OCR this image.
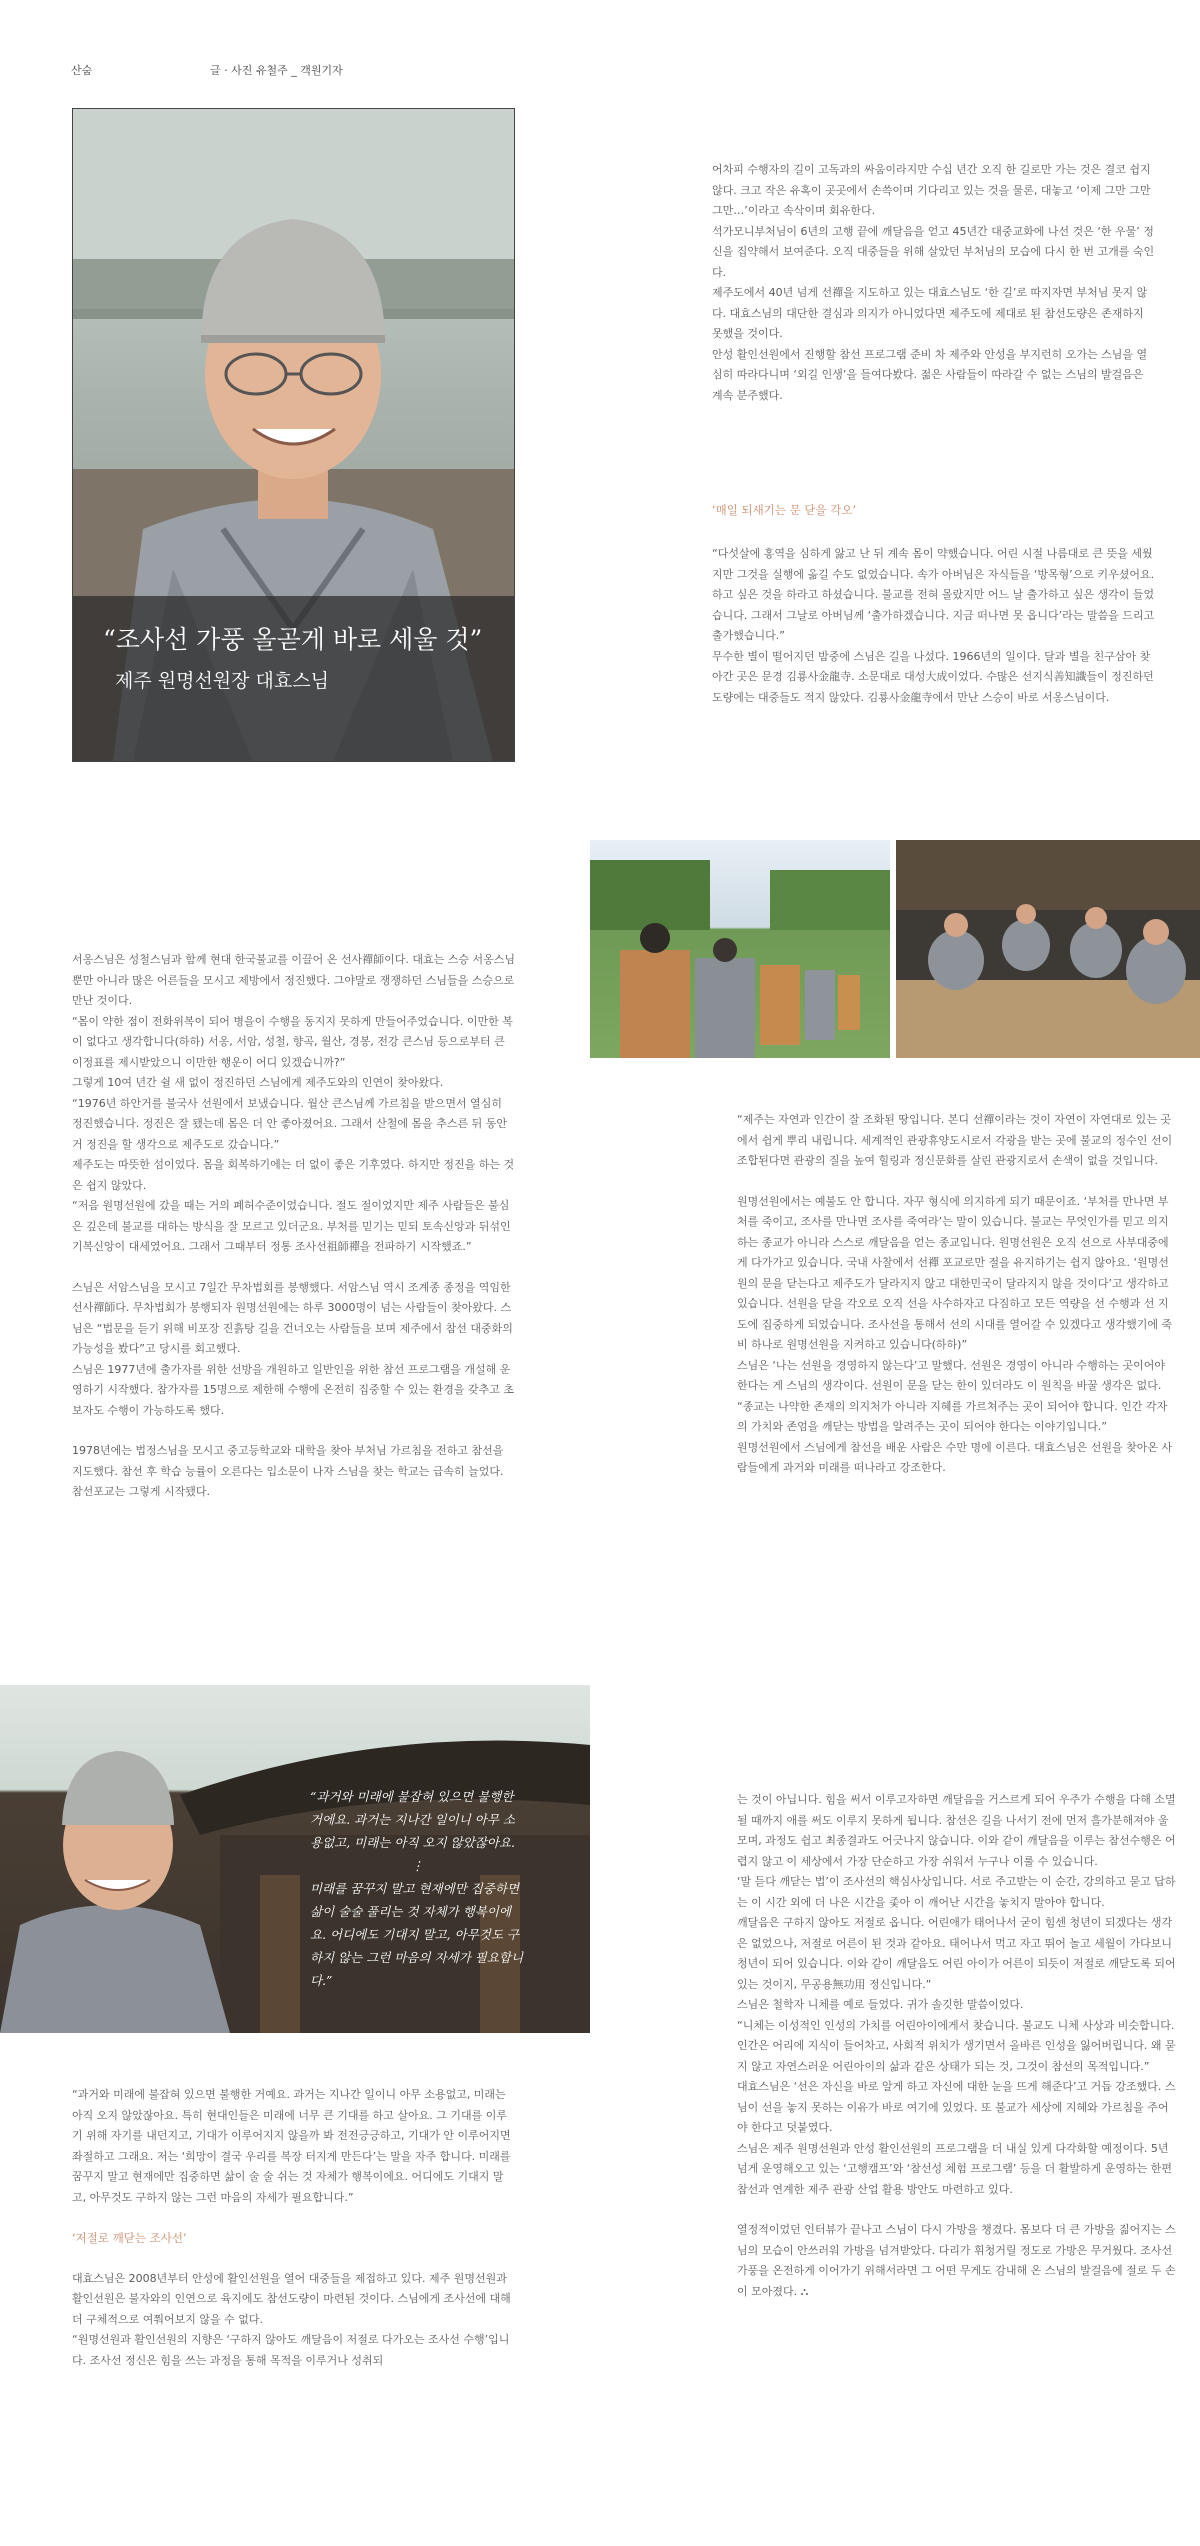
산숨	글 · 사진 유철주 _ 객원기자
“조사선 가풍 올곧게 바로 세울 것”
제주 원명선원장 대효스님

어차피 수행자의 길이 고독과의 싸움이라지만 수십 년간 오직 한 길로만 가는 것은 결코 쉽지 않다. 크고 작은 유혹이 곳곳에서 손쓱이며 기다리고 있는 것을 물론, 대놓고 ‘이제 그만 그만 그만…’이라고 속삭이며 회유한다.

석가모니부처님이 6년의 고행 끝에 깨달음을 얻고 45년간 대중교화에 나선 것은 ‘한 우물’ 정신을 집약해서 보여준다. 오직 대중들을 위해 살았던 부처님의 모습에 다시 한 번 고개를 숙인다.

제주도에서 40년 넘게 선禪을 지도하고 있는 대효스님도 ‘한 길’로 따지자면 부처님 못지 않다. 대효스님의 대단한 결심과 의지가 아니었다면 제주도에 제대로 된 참선도량은 존재하지 못했을 것이다.

안성 활인선원에서 진행할 참선 프로그램 준비 차 제주와 안성을 부지런히 오가는 스님을 열심히 따라다니며 ‘외길 인생’을 들여다봤다. 젊은 사람들이 따라갈 수 없는 스님의 발걸음은 계속 분주했다.

‘매일 되새기는 문 닫을 각오’

“다섯살에 홍역을 심하게 앓고 난 뒤 계속 몸이 약했습니다. 어린 시절 나름대로 큰 뜻을 세웠지만 그것을 실행에 옮길 수도 없었습니다. 속가 아버님은 자식들을 ‘방목형’으로 키우셨어요. 하고 싶은 것을 하라고 하셨습니다. 불교를 전혀 몰랐지만 어느 날 출가하고 싶은 생각이 들었습니다. 그래서 그날로 아버님께 ‘출가하겠습니다. 지금 떠나면 못 옵니다’라는 말씀을 드리고 출가했습니다.”

무수한 별이 떨어지던 밤중에 스님은 길을 나섰다. 1966년의 일이다. 달과 별을 친구삼아 찾아간 곳은 문경 김룡사金龍寺. 소문대로 대성大成이었다. 수많은 선지식善知識들이 정진하던 도량에는 대중들도 적지 않았다. 김룡사金龍寺에서 만난 스승이 바로 서옹스님이다.

서옹스님은 성철스님과 함께 현대 한국불교를 이끌어 온 선사禪師이다. 대효는 스승 서옹스님뿐만 아니라 많은 어른들을 모시고 제방에서 정진했다. 그야말로 쟁쟁하던 스님들을 스승으로 만난 것이다.

“몸이 약한 점이 전화위복이 되어 병을이 수행을 동지지 못하게 만들어주었습니다. 이만한 복이 없다고 생각합니다(하하) 서옹, 서암, 성철, 향곡, 월산, 경봉, 전강 큰스님 등으로부터 큰 이정표를 제시받았으니 이만한 행운이 어디 있겠습니까?”

그렇게 10여 년간 쉴 새 없이 정진하던 스님에게 제주도와의 인연이 찾아왔다.

“1976년 하안거를 불국사 선원에서 보냈습니다. 월산 큰스님께 가르침을 받으면서 열심히 정진했습니다. 정진은 잘 됐는데 몸은 더 안 좋아졌어요. 그래서 산철에 몸을 추스른 뒤 동안거 정진을 할 생각으로 제주도로 갔습니다.”

제주도는 따뜻한 섬이었다. 몸을 회복하기에는 더 없이 좋은 기후였다. 하지만 정진을 하는 것은 쉽지 않았다.

“저음 원명선원에 갔을 때는 거의 폐허수준이었습니다. 절도 절이었지만 제주 사람들은 불심은 깊은데 불교를 대하는 방식을 잘 모르고 있더군요. 부처를 믿기는 믿되 토속신앙과 뒤섞인 기복신앙이 대세였어요. 그래서 그때부터 정통 조사선祖師禪을 전파하기 시작했죠.”

스님은 서암스님을 모시고 7일간 무차법회를 봉행했다. 서암스님 역시 조계종 종정을 역임한 선사禪師다. 무차법회가 봉행되자 원명선원에는 하루 3000명이 넘는 사람들이 찾아왔다. 스님은 “법문을 듣기 위해 비포장 진흙탕 길을 건너오는 사람들을 보며 제주에서 참선 대중화의 가능성을 봤다”고 당시를 회고했다.

스님은 1977년에 출가자를 위한 선방을 개원하고 일반인을 위한 참선 프로그램을 개설해 운영하기 시작했다. 참가자를 15명으로 제한해 수행에 온전히 집중할 수 있는 환경을 갖추고 초보자도 수행이 가능하도록 했다.

1978년에는 법정스님을 모시고 중고등학교와 대학을 찾아 부처님 가르침을 전하고 참선을 지도했다. 참선 후 학습 능률이 오른다는 입소문이 나자 스님을 찾는 학교는 급속히 늘었다. 참선포교는 그렇게 시작됐다.

“제주는 자연과 인간이 잘 조화된 땅입니다. 본디 선禪이라는 것이 자연이 자연대로 있는 곳에서 쉽게 뿌리 내립니다. 세계적인 관광휴양도시로서 각광을 받는 곳에 불교의 정수인 선이 조합된다면 관광의 질을 높여 힐링과 정신문화를 살린 관광지로서 손색이 없을 것입니다.

원명선원에서는 예불도 안 합니다. 자꾸 형식에 의지하게 되기 때문이죠. ‘부처를 만나면 부처를 죽이고, 조사를 만나면 조사를 죽여라’는 말이 있습니다. 불교는 무엇인가를 믿고 의지하는 종교가 아니라 스스로 깨달음을 얻는 종교입니다. 원명선원은 오직 선으로 사부대중에게 다가가고 있습니다. 국내 사찰에서 선禪 포교로만 절을 유지하기는 쉽지 않아요. ‘원명선원의 문을 닫는다고 제주도가 달라지지 않고 대한민국이 달라지지 않을 것이다’고 생각하고 있습니다. 선원을 닫을 각오로 오직 선을 사수하자고 다짐하고 모든 역량을 선 수행과 선 지도에 집중하게 되었습니다. 조사선을 통해서 선의 시대를 열어갈 수 있겠다고 생각했기에 죽비 하나로 원명선원을 지켜하고 있습니다(하하)”

스님은 ‘나는 선원을 경영하지 않는다’고 말했다. 선원은 경영이 아니라 수행하는 곳이어야 한다는 게 스님의 생각이다. 선원이 문을 닫는 한이 있더라도 이 원칙을 바꿀 생각은 없다.

“종교는 나약한 존재의 의지처가 아니라 지혜를 가르쳐주는 곳이 되어야 합니다. 인간 각자의 가치와 존엄을 깨닫는 방법을 알려주는 곳이 되어야 한다는 이야기입니다.”

원명선원에서 스님에게 참선을 배운 사람은 수만 명에 이른다. 대효스님은 선원을 찾아온 사람들에게 과거와 미래를 떠나라고 강조한다.

“과거와 미래에 불잡혀 있으면 불행한 거에요. 과거는 지나간 일이니 아무 소용없고, 미래는 아직 오지 않았잖아요.
⋮
미래를 꿈꾸지 말고 현재에만 집중하면 삶이 술술 풀리는 것 자체가 행복이에요. 어디에도 기대지 말고, 아무것도 구하지 않는 그런 마음의 자세가 필요합니다.”

“과거와 미래에 불잡혀 있으면 불행한 거예요. 과거는 지나간 일이니 아무 소용없고, 미래는 아직 오지 않았잖아요. 특히 현대인들은 미래에 너무 큰 기대를 하고 살아요. 그 기대를 이루기 위해 자기를 내던지고, 기대가 이루어지지 않을까 봐 전전긍긍하고, 기대가 안 이루어지면 좌절하고 그래요. 저는 ‘희망이 결국 우리를 복장 터지게 만든다’는 말을 자주 합니다. 미래를 꿈꾸지 말고 현재에만 집중하면 삶이 술 술 쉬는 것 자체가 행복이에요. 어디에도 기대지 말고, 아무것도 구하지 않는 그런 마음의 자세가 필요합니다.”

‘저절로 깨닫는 조사선’

대효스님은 2008년부터 안성에 활인선원을 열어 대중들을 제접하고 있다. 제주 원명선원과 활인선원은 불자와의 인연으로 육지에도 참선도량이 마련된 것이다. 스님에게 조사선에 대해 더 구체적으로 여쭤어보지 않을 수 없다.

“원명선원과 활인선원의 지향은 ‘구하지 않아도 깨달음이 저절로 다가오는 조사선 수행’입니다. 조사선 정신은 힘을 쓰는 과정을 통해 목적을 이루거나 성취되

는 것이 아닙니다. 힘을 써서 이루고자하면 깨달음을 거스르게 되어 우주가 수행을 다해 소멸될 때까지 애를 써도 이루지 못하게 됩니다. 참선은 길을 나서기 전에 먼저 흘가분해져야 울모며, 과정도 쉽고 최종결과도 어긋나지 않습니다. 이와 같이 깨달음을 이루는 참선수행은 어렵지 않고 이 세상에서 가장 단순하고 가장 쉬워서 누구나 이룰 수 있습니다.

‘말 듣다 깨닫는 법’이 조사선의 핵심사상입니다. 서로 주고받는 이 순간, 강의하고 묻고 답하는 이 시간 외에 더 나은 시간을 좇아 이 깨어난 시간을 놓치지 말아야 합니다.

깨달음은 구하지 않아도 저절로 옵니다. 어린애가 태어나서 굳이 힘센 청년이 되겠다는 생각은 없었으나, 저절로 어른이 된 것과 같아요. 태어나서 먹고 자고 뛰어 놀고 세월이 가다보니 청년이 되어 있습니다. 이와 같이 깨달음도 어린 아이가 어른이 되듯이 저절로 깨닫도록 되어있는 것이지, 무공용無功用 정신입니다.”

스님은 철학자 니체를 예로 들었다. 귀가 솔깃한 말씀이었다.

“니체는 이성적인 인성의 가치를 어린아이에게서 찾습니다. 불교도 니체 사상과 비슷합니다. 인간은 어리에 지식이 들어차고, 사회적 위치가 생기면서 올바른 인성을 잃어버립니다. 왜 묻지 않고 자연스러운 어린아이의 삶과 같은 상태가 되는 것, 그것이 참선의 목적입니다.”

대효스님은 ‘선은 자신을 바로 알게 하고 자신에 대한 눈을 뜨게 해준다’고 거듭 강조했다. 스님이 선을 놓지 못하는 이유가 바로 여기에 있었다. 또 불교가 세상에 지혜와 가르침을 주어야 한다고 덧붙였다.

스님은 제주 원명선원과 안성 활인선원의 프로그램을 더 내실 있게 다각화할 예정이다. 5년 넘게 운영해오고 있는 ‘고행캠프’와 ‘참선성 체험 프로그램’ 등을 더 활발하게 운영하는 한편 참선과 연계한 제주 관광 산업 활용 방안도 마련하고 있다.

열정적이었던 인터뷰가 끝나고 스님이 다시 가방을 챙겼다. 몸보다 더 큰 가방을 짊어지는 스님의 모습이 안쓰러워 가방을 넘겨받았다. 다리가 휘청거릴 정도로 가방은 무거웠다. 조사선 가풍을 온전하게 이어가기 위해서라면 그 어떤 무게도 감내해 온 스님의 발걸음에 절로 두 손이 모아졌다. ⛬
